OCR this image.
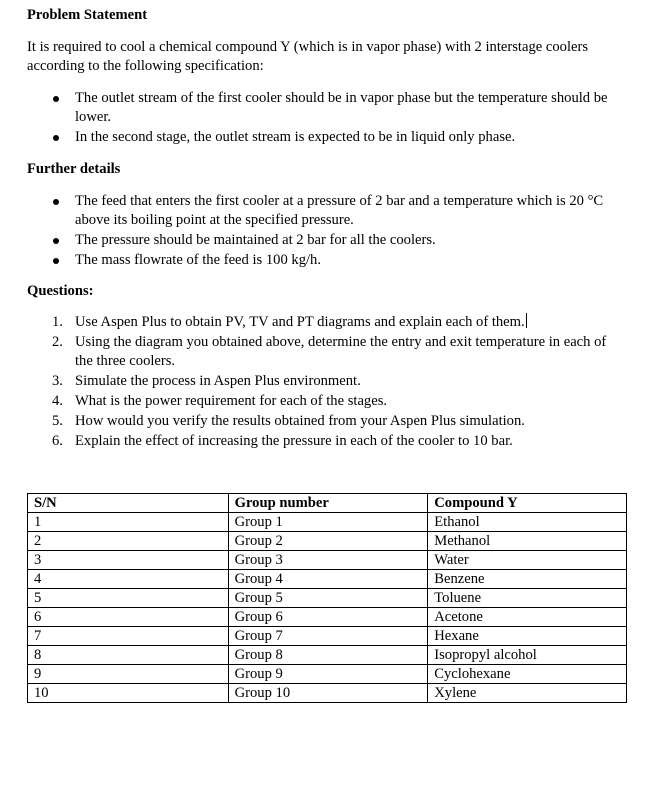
Problem Statement

It is required to cool a chemical compound Y (which is in vapor phase) with 2 interstage coolers according to the following specification:

The outlet stream of the first cooler should be in vapor phase but the temperature should be lower.
In the second stage, the outlet stream is expected to be in liquid only phase.
Further details
The feed that enters the first cooler at a pressure of 2 bar and a temperature which is 20 °C above its boiling point at the specified pressure.
The pressure should be maintained at 2 bar for all the coolers.
The mass flowrate of the feed is 100 kg/h.
Questions:
1. Use Aspen Plus to obtain PV, TV and PT diagrams and explain each of them.
2. Using the diagram you obtained above, determine the entry and exit temperature in each of the three coolers.
3. Simulate the process in Aspen Plus environment.
4. What is the power requirement for each of the stages.
5. How would you verify the results obtained from your Aspen Plus simulation.
6. Explain the effect of increasing the pressure in each of the cooler to 10 bar.
S/N	Group number	Compound Y
1	Group 1	Ethanol
2	Group 2	Methanol
3	Group 3	Water
4	Group 4	Benzene
5	Group 5	Toluene
6	Group 6	Acetone
7	Group 7	Hexane
8	Group 8	Isopropyl alcohol
9	Group 9	Cyclohexane
10	Group 10	Xylene
